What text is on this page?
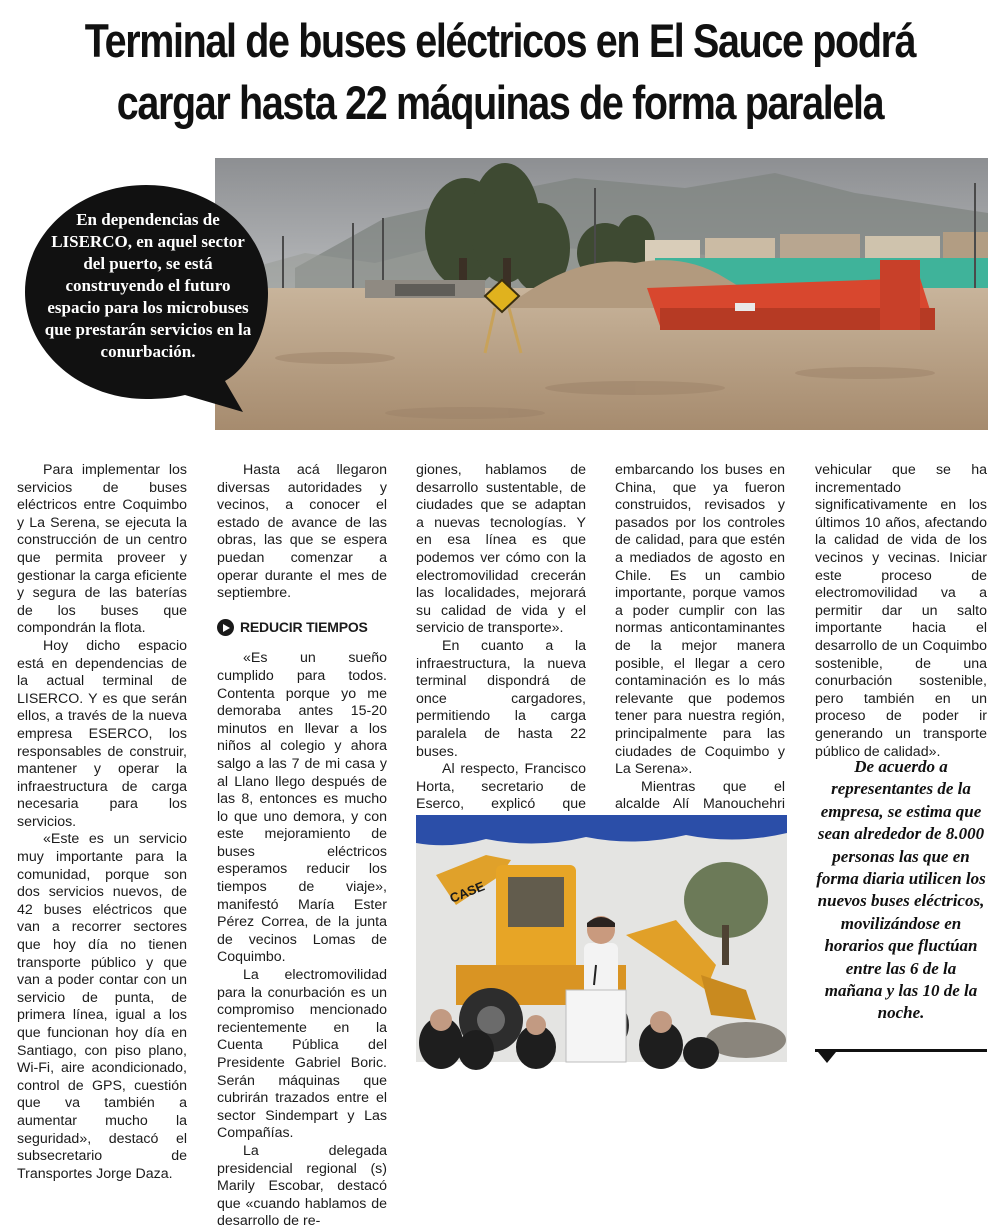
Terminal de buses eléctricos en El Sauce podrá
cargar hasta 22 máquinas de forma paralela

En dependencias de LISERCO, en aquel sector del puerto, se está construyendo el futuro espacio para los microbuses que prestarán servicios en la conurbación.

Para implementar los servicios de buses eléctricos entre Coquimbo y La Serena, se ejecuta la construcción de un centro que permita proveer y gestionar la carga eficiente y segura de las baterías de los buses que compondrán la flota.

Hoy dicho espacio está en dependencias de la actual terminal de LISERCO. Y es que serán ellos, a través de la nueva empresa ESERCO, los responsables de construir, mantener y operar la infraestructura de carga necesaria para los servicios.

«Este es un servicio muy importante para la comunidad, porque son dos servicios nuevos, de 42 buses eléctricos que van a recorrer sectores que hoy día no tienen transporte público y que van a poder contar con un servicio de punta, de primera línea, igual a los que funcionan hoy día en Santiago, con piso plano, Wi-Fi, aire acondicionado, control de GPS, cuestión que va también a aumentar mucho la seguridad», destacó el subsecretario de Transportes Jorge Daza.

Hasta acá llegaron diversas autoridades y vecinos, a conocer el estado de avance de las obras, las que se espera puedan comenzar a operar durante el mes de septiembre.

REDUCIR TIEMPOS

«Es un sueño cumplido para todos. Contenta porque yo me demoraba antes 15-20 minutos en llevar a los niños al colegio y ahora salgo a las 7 de mi casa y al Llano llego después de las 8, entonces es mucho lo que uno demora, y con este mejoramiento de buses eléctricos esperamos reducir los tiempos de viaje», manifestó María Ester Pérez Correa, de la junta de vecinos Lomas de Coquimbo.

La electromovilidad para la conurbación es un compromiso mencionado recientemente en la Cuenta Pública del Presidente Gabriel Boric. Serán máquinas que cubrirán trazados entre el sector Sindempart y Las Compañías.

La delegada presidencial regional (s) Marily Escobar, destacó que «cuando hablamos de desarrollo de re-

giones, hablamos de desarrollo sustentable, de ciudades que se adaptan a nuevas tecnologías. Y en esa línea es que podemos ver cómo con la electromovilidad crecerán las localidades, mejorará su calidad de vida y el servicio de transporte».

En cuanto a la infraestructura, la nueva terminal dispondrá de once cargadores, permitiendo la carga paralela de hasta 22 buses.

Al respecto, Francisco Horta, secretario de Eserco, explicó que

embarcando los buses en China, que ya fueron construidos, revisados y pasados por los controles de calidad, para que estén a mediados de agosto en Chile. Es un cambio importante, porque vamos a poder cumplir con las normas anticontaminantes de la mejor manera posible, el llegar a cero contaminación es lo más relevante que podemos tener para nuestra región, principalmente para las ciudades de Coquimbo y La Serena».

Mientras que el alcalde Alí Manouchehri

vehicular que se ha incrementado significativamente en los últimos 10 años, afectando la calidad de vida de los vecinos y vecinas. Iniciar este proceso de electromovilidad va a permitir dar un salto importante hacia el desarrollo de un Coquimbo sostenible, de una conurbación sostenible, pero también en un proceso de poder ir generando un transporte público de calidad».

CASE

De acuerdo a representantes de la empresa, se estima que sean alrededor de 8.000 personas las que en forma diaria utilicen los nuevos buses eléctricos, movilizándose en horarios que fluctúan entre las 6 de la mañana y las 10 de la noche.
